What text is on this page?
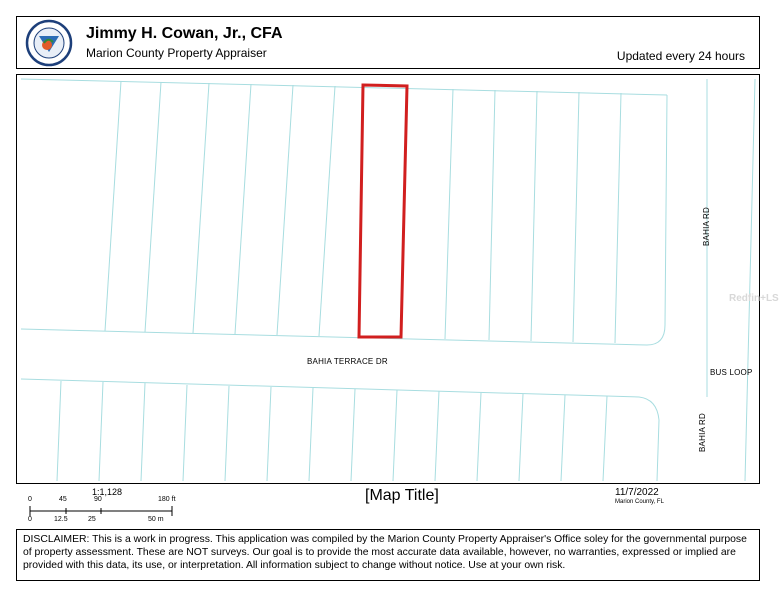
Jimmy H. Cowan, Jr., CFA
Marion County Property Appraiser	Updated every 24 hours
BAHIA TERRACE DR
BAHIA RD
BUS LOOP
BAHIA RD
Redfin+LS
1:1,128
0	45	90	180 ft
0	12.5	25	50 m
[Map Title]	11/7/2022
Marion County, FL
DISCLAIMER: This is a work in progress. This application was compiled by the Marion County Property Appraiser's Office soley for the governmental purpose of property assessment. These are NOT surveys. Our goal is to provide the most accurate data available, however, no warranties, expressed or implied are provided with this data, its use, or interpretation. All information subject to change without notice. Use at your own risk.
